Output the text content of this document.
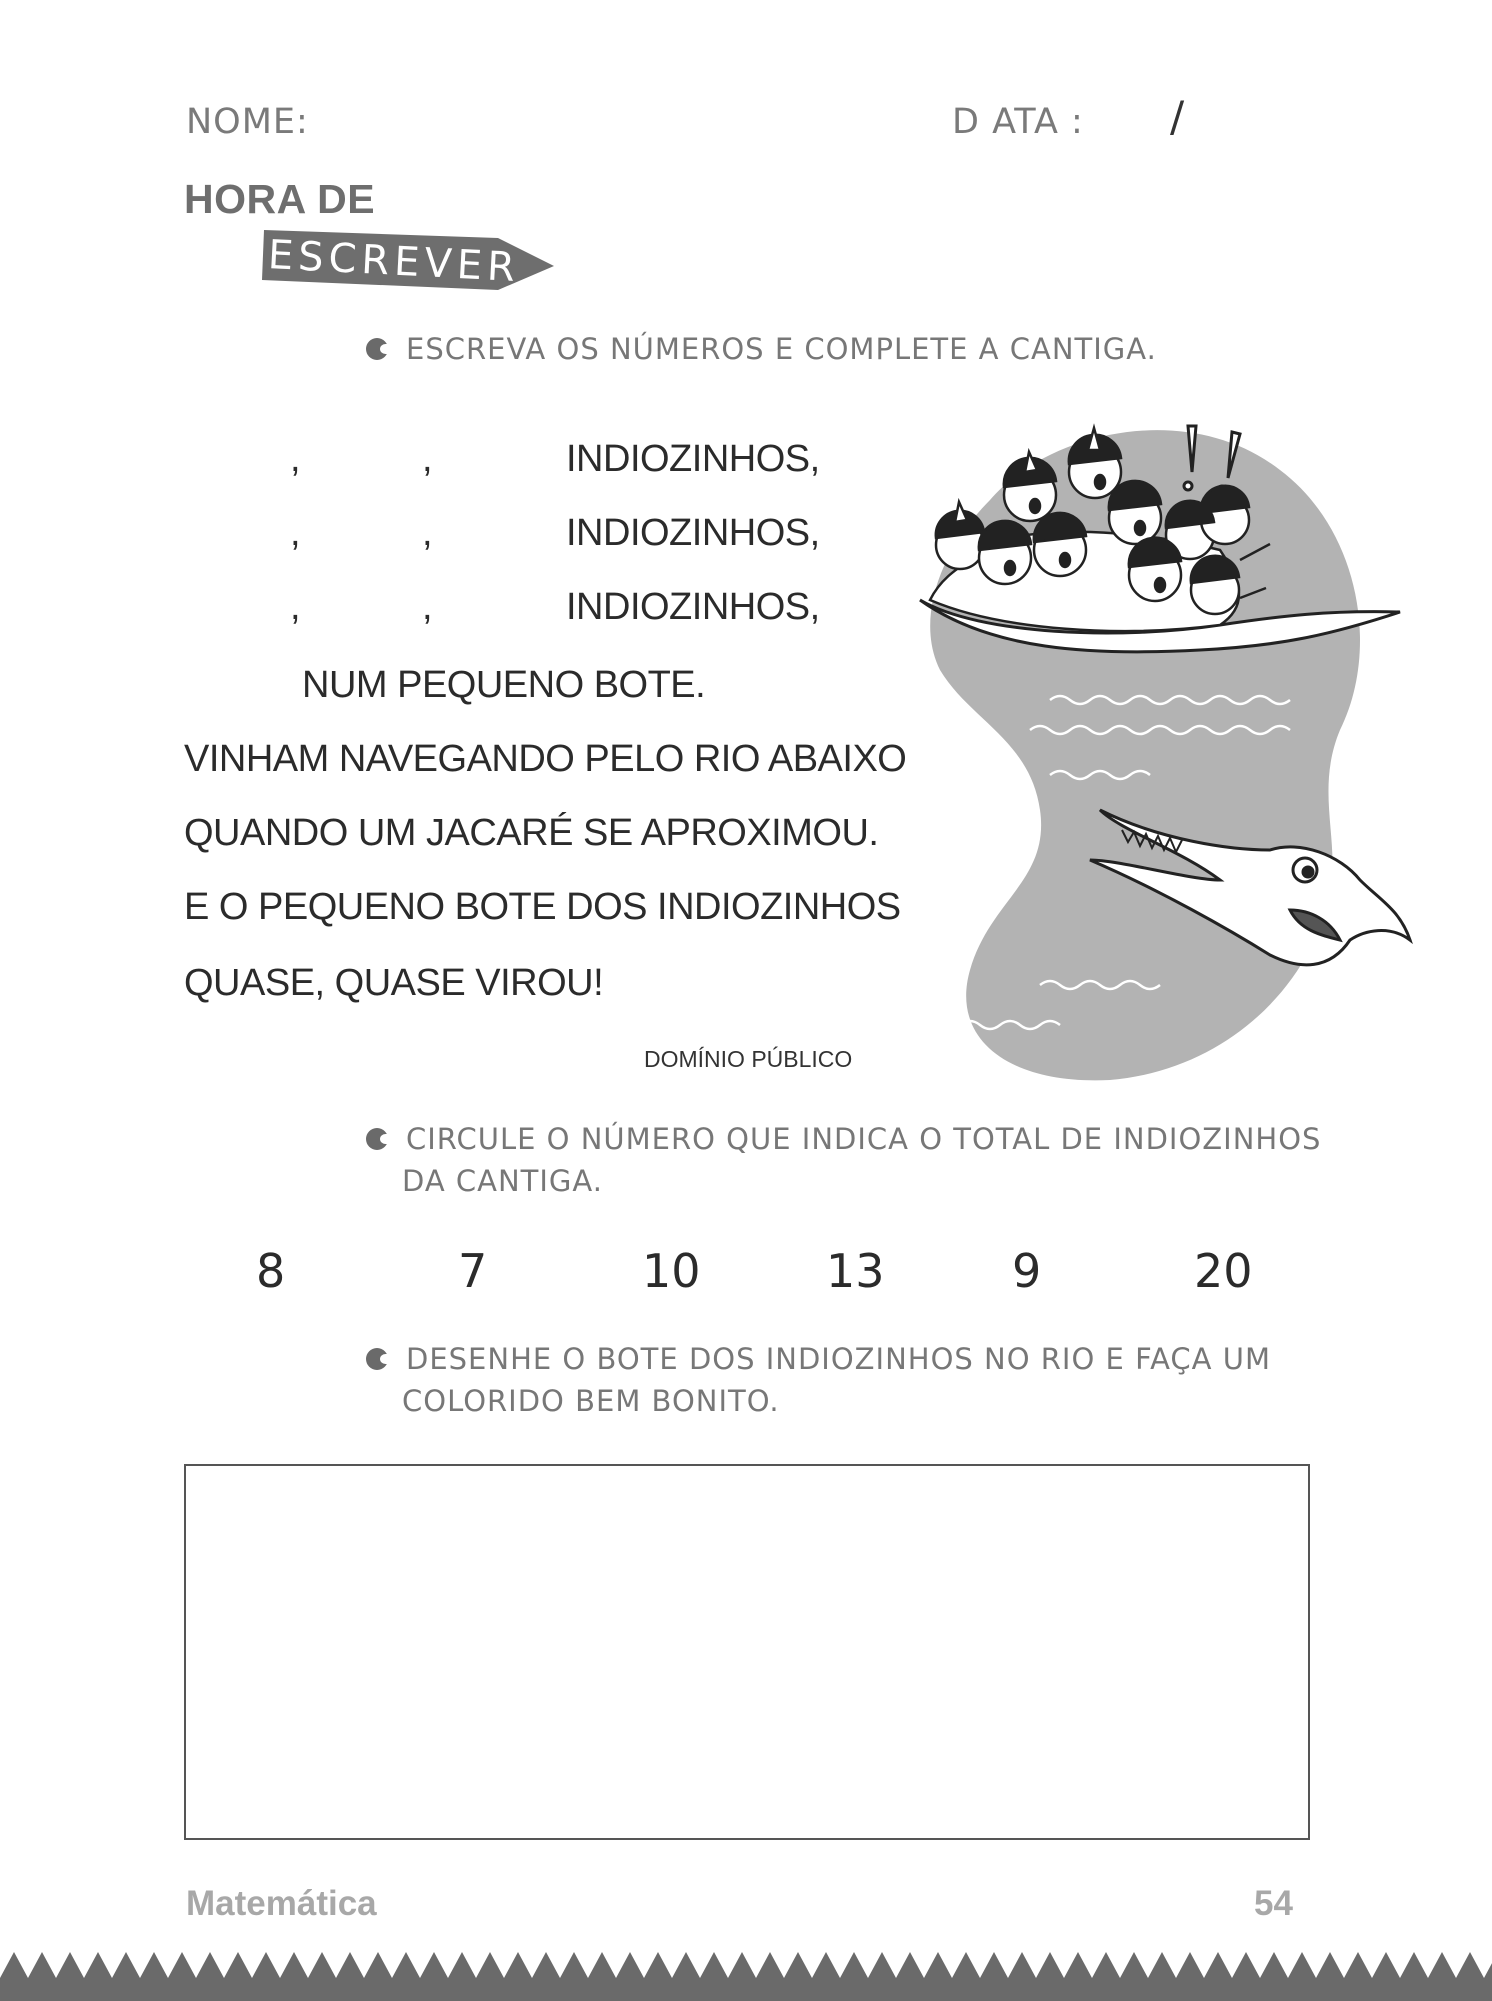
NOME:	D ATA : /
HORA DE
ESCREVER
ESCREVA OS NÚMEROS E COMPLETE A CANTIGA.
,	,	INDIOZINHOS,
,	,	INDIOZINHOS,
,	,	INDIOZINHOS,
NUM PEQUENO BOTE.
VINHAM NAVEGANDO PELO RIO ABAIXO
QUANDO UM JACARÉ SE APROXIMOU.
E O PEQUENO BOTE DOS INDIOZINHOS
QUASE, QUASE VIROU!
DOMÍNIO PÚBLICO
CIRCULE O NÚMERO QUE INDICA O TOTAL DE INDIOZINHOS
DA CANTIGA.
8	7	10	13	9	20
DESENHE O BOTE DOS INDIOZINHOS NO RIO E FAÇA UM
COLORIDO BEM BONITO.
Matemática	54
